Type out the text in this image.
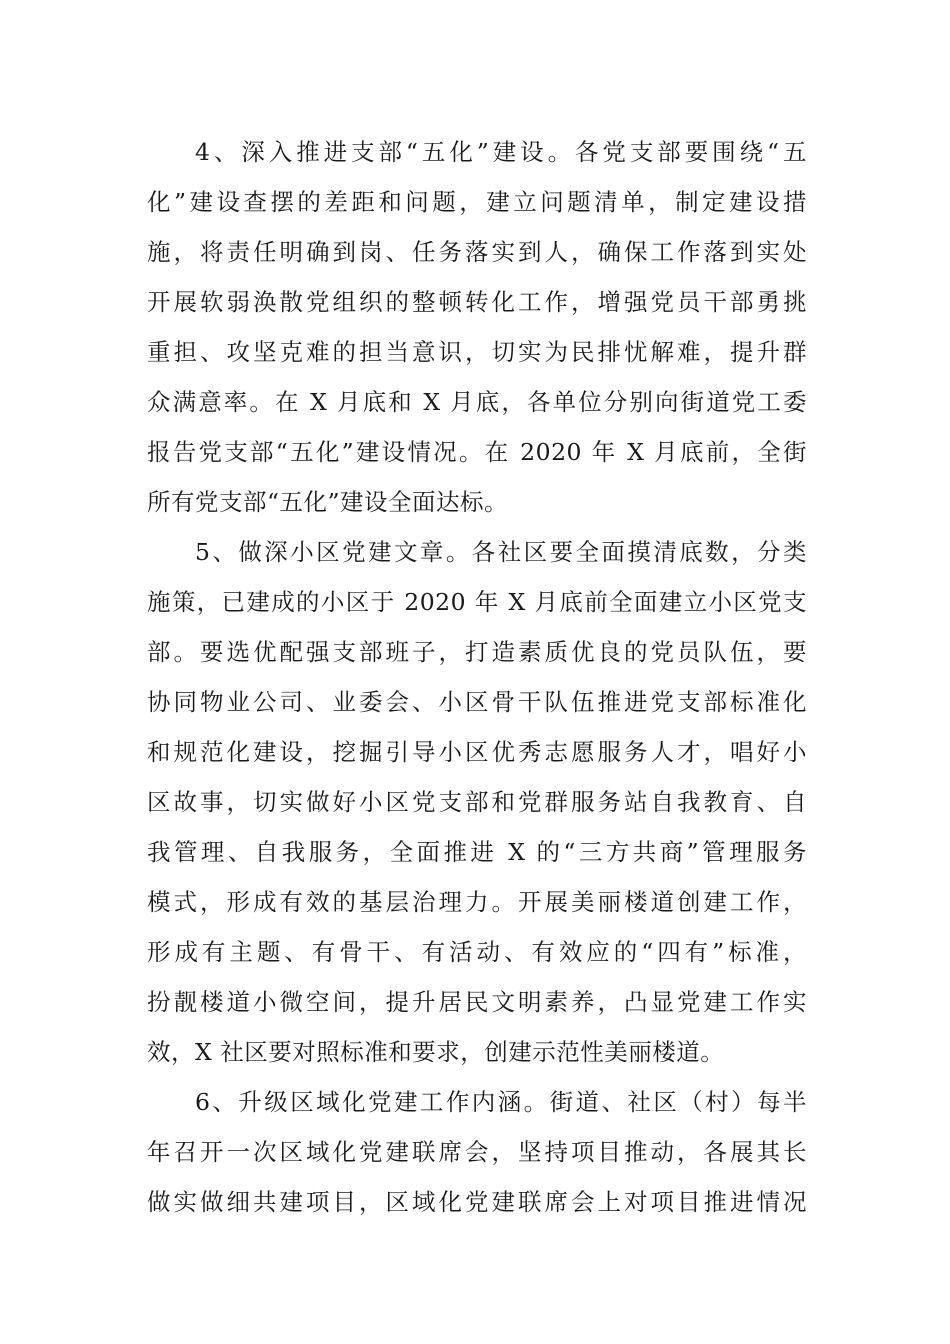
4、深入推进支部“五化”建设。各党支部要围绕“五
化”建设查摆的差距和问题，建立问题清单，制定建设措
施，将责任明确到岗、任务落实到人，确保工作落到实处
开展软弱涣散党组织的整顿转化工作，增强党员干部勇挑
重担、攻坚克难的担当意识，切实为民排忧解难，提升群
众满意率。在 X 月底和 X 月底，各单位分别向街道党工委
报告党支部“五化”建设情况。在 2020 年 X 月底前，全街
所有党支部“五化”建设全面达标。
5、做深小区党建文章。各社区要全面摸清底数，分类
施策，已建成的小区于 2020 年 X 月底前全面建立小区党支
部。要选优配强支部班子，打造素质优良的党员队伍，要
协同物业公司、业委会、小区骨干队伍推进党支部标准化
和规范化建设，挖掘引导小区优秀志愿服务人才，唱好小
区故事，切实做好小区党支部和党群服务站自我教育、自
我管理、自我服务，全面推进 X 的“三方共商”管理服务
模式，形成有效的基层治理力。开展美丽楼道创建工作，
形成有主题、有骨干、有活动、有效应的“四有”标准，
扮靓楼道小微空间，提升居民文明素养，凸显党建工作实
效，X 社区要对照标准和要求，创建示范性美丽楼道。
6、升级区域化党建工作内涵。街道、社区（村）每半
年召开一次区域化党建联席会，坚持项目推动，各展其长
做实做细共建项目，区域化党建联席会上对项目推进情况
